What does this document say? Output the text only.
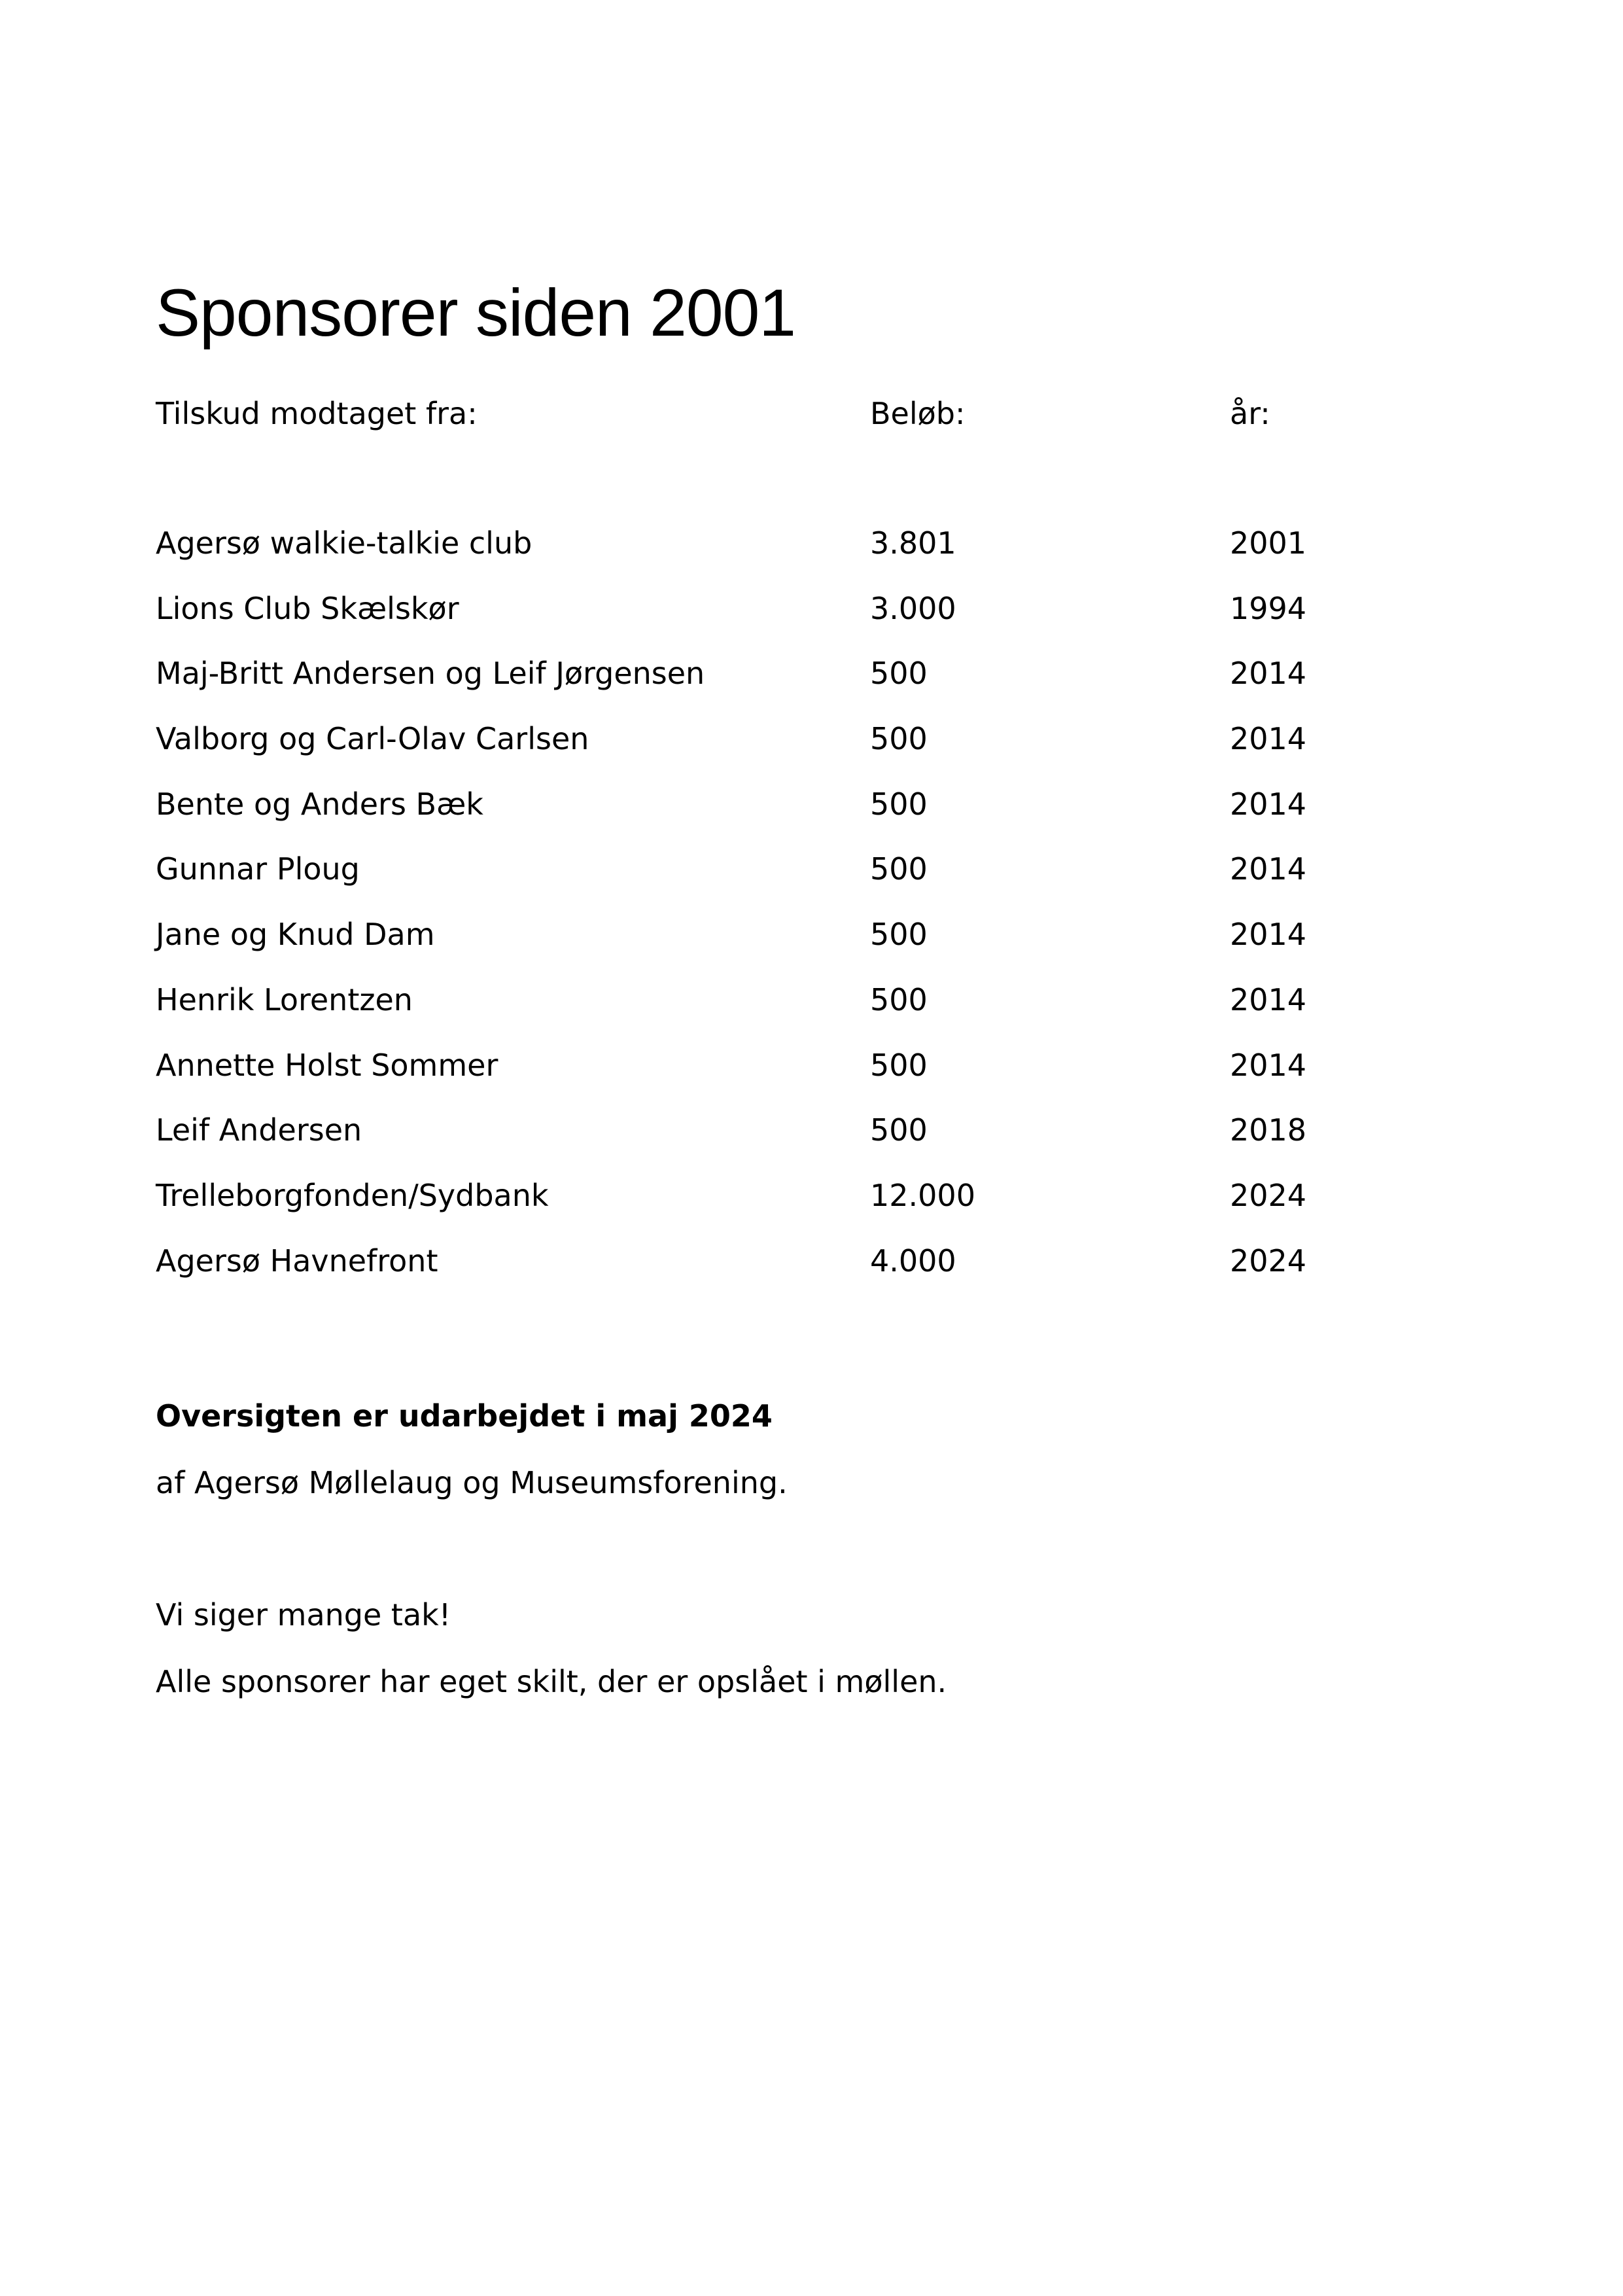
Sponsorer siden 2001
Tilskud modtaget fra:	Beløb:	år:
Agersø walkie-talkie club	3.801	2001
Lions Club Skælskør	3.000	1994
Maj-Britt Andersen og Leif Jørgensen	500	2014
Valborg og Carl-Olav Carlsen	500	2014
Bente og Anders Bæk	500	2014
Gunnar Ploug	500	2014
Jane og Knud Dam	500	2014
Henrik Lorentzen	500	2014
Annette Holst Sommer	500	2014
Leif Andersen	500	2018
Trelleborgfonden/Sydbank	12.000	2024
Agersø Havnefront	4.000	2024

Oversigten er udarbejdet i maj 2024

af Agersø Møllelaug og Museumsforening.

Vi siger mange tak!

Alle sponsorer har eget skilt, der er opslået i møllen.
